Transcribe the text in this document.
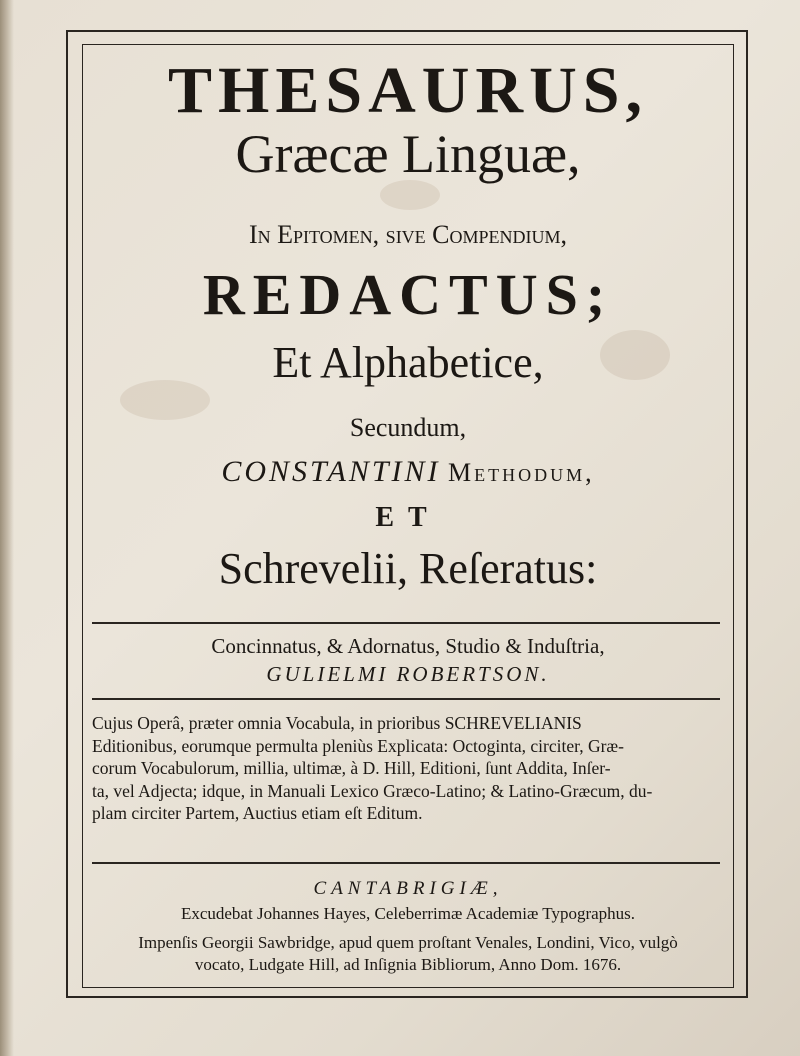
THESAURUS,
Græcæ Linguæ,
In Epitomen, ſive Compendium,
REDACTUS;
Et Alphabetice,
Secundum,
CONSTANTINI Methodum,
ET
Schrevelii, Reſeratus:
Concinnatus, & Adornatus, Studio & Induſtria,
GULIELMI ROBERTSON.
Cujus Operâ, præter omnia Vocabula, in prioribus SCHREVELIANIS
Editionibus, eorumque permulta pleniùs Explicata: Octoginta, circiter, Græ-
corum Vocabulorum, millia, ultimæ, à D. Hill, Editioni, ſunt Addita, Inſer-
ta, vel Adjecta; idque, in Manuali Lexico Græco-Latino; & Latino-Græcum, du-
plam circiter Partem, Auctius etiam eſt Editum.
CANTABRIGIÆ,
Excudebat Johannes Hayes, Celeberrimæ Academiæ Typographus.
Impenſis Georgii Sawbridge, apud quem proſtant Venales, Londini, Vico, vulgò
vocato, Ludgate Hill, ad Inſignia Bibliorum, Anno Dom. 1676.
